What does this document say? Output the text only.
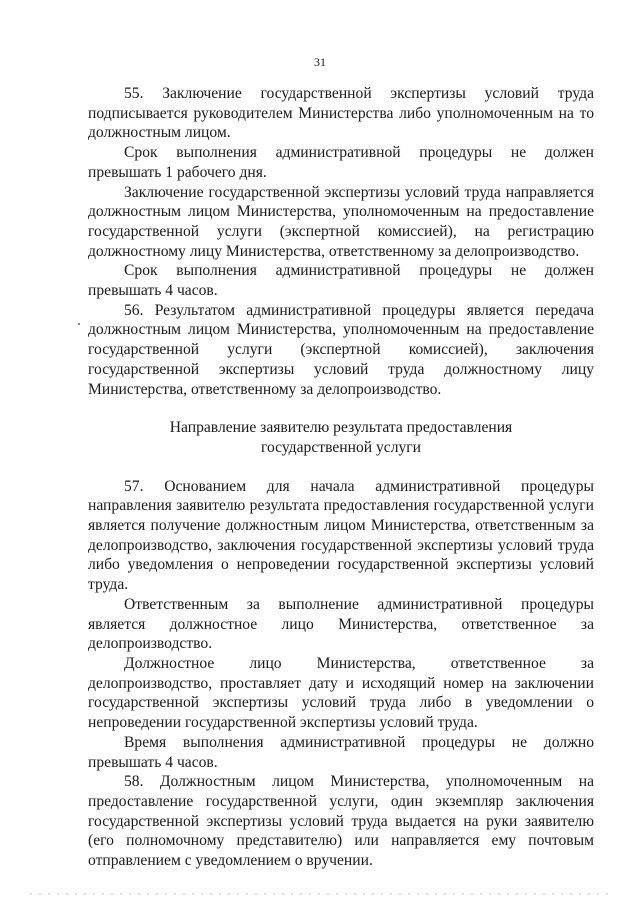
31

55. Заключение государственной экспертизы условий труда подписывается руководителем Министерства либо уполномоченным на то должностным лицом.

Срок выполнения административной процедуры не должен превышать 1 рабочего дня.

Заключение государственной экспертизы условий труда направляется должностным лицом Министерства, уполномоченным на предоставление государственной услуги (экспертной комиссией), на регистрацию должностному лицу Министерства, ответственному за делопроизводство.

Срок выполнения административной процедуры не должен превышать 4 часов.

56. Результатом административной процедуры является передача должностным лицом Министерства, уполномоченным на предоставление государственной услуги (экспертной комиссией), заключения государственной экспертизы условий труда должностному лицу Министерства, ответственному за делопроизводство.

Направление заявителю результата предоставления
государственной услуги

57. Основанием для начала административной процедуры направления заявителю результата предоставления государственной услуги является получение должностным лицом Министерства, ответственным за делопроизводство, заключения государственной экспертизы условий труда либо уведомления о непроведении государственной экспертизы условий труда.

Ответственным за выполнение административной процедуры является должностное лицо Министерства, ответственное за делопроизводство.

Должностное лицо Министерства, ответственное за делопроизводство, проставляет дату и исходящий номер на заключении государственной экспертизы условий труда либо в уведомлении о непроведении государственной экспертизы условий труда.

Время выполнения административной процедуры не должно превышать 4 часов.

58. Должностным лицом Министерства, уполномоченным на предоставление государственной услуги, один экземпляр заключения государственной экспертизы условий труда выдается на руки заявителю (его полномочному представителю) или направляется ему почтовым отправлением с уведомлением о вручении.
